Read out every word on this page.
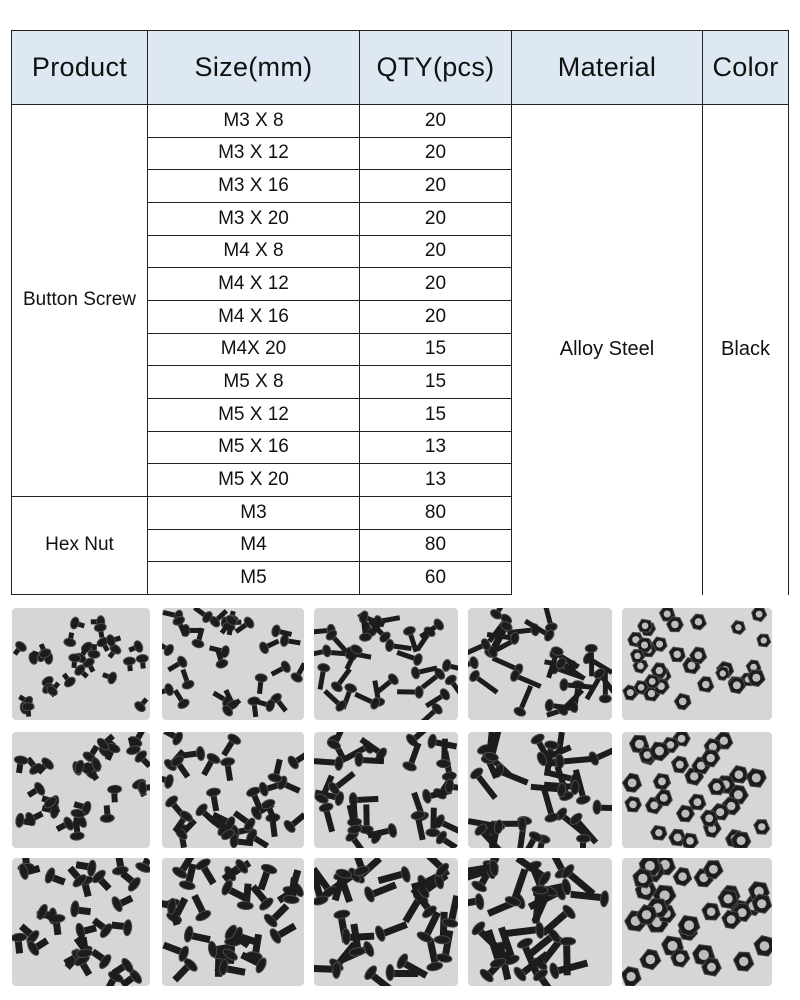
Product	Size(mm)	QTY(pcs)	Material	Color
Button Screw	M3 X 8	20	Alloy Steel	Black
	M3 X 12	20		
	M3 X 16	20		
	M3 X 20	20		
	M4 X 8	20		
	M4 X 12	20		
	M4 X 16	20		
	M4X 20	15		
	M5 X 8	15		
	M5 X 12	15		
	M5 X 16	13		
	M5 X 20	13		
Hex Nut	M3	80		
	M4	80		
	M5	60		
